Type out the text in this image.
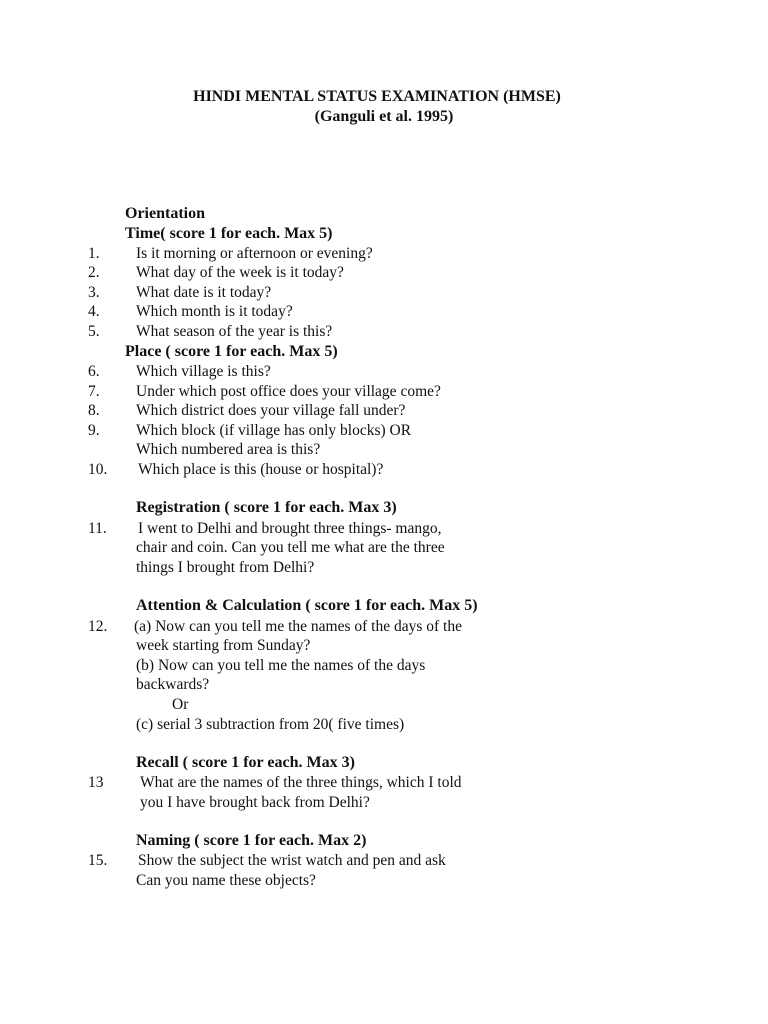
HINDI MENTAL STATUS EXAMINATION (HMSE)
(Ganguli et al. 1995)
Orientation
Time( score 1 for each. Max 5)
1. Is it morning or afternoon or evening?
2. What day of the week is it today?
3. What date is it today?
4. Which month is it today?
5. What season of the year is this?
Place ( score 1 for each. Max 5)
6. Which village is this?
7. Under which post office does your village come?
8. Which district does your village fall under?
9. Which block (if village has only blocks) OR
Which numbered area is this?
10. Which place is this (house or hospital)?
Registration ( score 1 for each. Max 3)
11. I went to Delhi and brought three things- mango,
chair and coin. Can you tell me what are the three
things I brought from Delhi?
Attention & Calculation ( score 1 for each. Max 5)
12. (a) Now can you tell me the names of the days of the
week starting from Sunday?
(b) Now can you tell me the names of the days
backwards?
Or
(c) serial 3 subtraction from 20( five times)
Recall ( score 1 for each. Max 3)
13 What are the names of the three things, which I told
you I have brought back from Delhi?
Naming ( score 1 for each. Max 2)
15. Show the subject the wrist watch and pen and ask
Can you name these objects?
